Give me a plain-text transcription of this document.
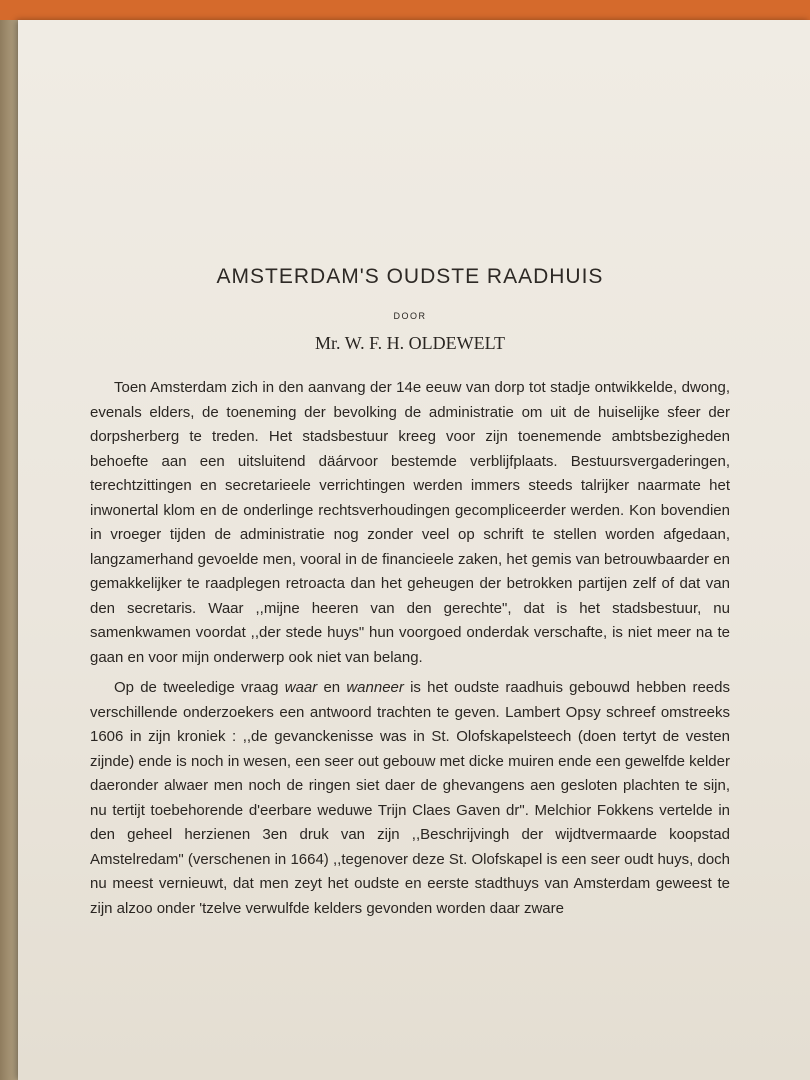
AMSTERDAM'S OUDSTE RAADHUIS
DOOR
Mr. W. F. H. OLDEWELT

Toen Amsterdam zich in den aanvang der 14e eeuw van dorp tot stadje ontwikkelde, dwong, evenals elders, de toeneming der bevolking de administratie om uit de huiselijke sfeer der dorpsherberg te treden. Het stadsbestuur kreeg voor zijn toenemende ambtsbezigheden behoefte aan een uitsluitend däárvoor bestemde verblijfplaats. Bestuursvergaderingen, terechtzittingen en secretarieele verrichtingen werden immers steeds talrijker naarmate het inwonertal klom en de onderlinge rechtsverhoudingen gecompliceerder werden. Kon bovendien in vroeger tijden de administratie nog zonder veel op schrift te stellen worden afgedaan, langzamerhand gevoelde men, vooral in de financieele zaken, het gemis van betrouwbaarder en gemakkelijker te raadplegen retroacta dan het geheugen der betrokken partijen zelf of dat van den secretaris. Waar ,,mijne heeren van den gerechte", dat is het stadsbestuur, nu samenkwamen voordat ,,der stede huys" hun voorgoed onderdak verschafte, is niet meer na te gaan en voor mijn onderwerp ook niet van belang.

Op de tweeledige vraag waar en wanneer is het oudste raadhuis gebouwd hebben reeds verschillende onderzoekers een antwoord trachten te geven. Lambert Opsy schreef omstreeks 1606 in zijn kroniek : ,,de gevanckenisse was in St. Olofskapelsteech (doen tertyt de vesten zijnde) ende is noch in wesen, een seer out gebouw met dicke muiren ende een gewelfde kelder daeronder alwaer men noch de ringen siet daer de ghevangens aen gesloten plachten te sijn, nu tertijt toebehorende d'eerbare weduwe Trijn Claes Gaven dr". Melchior Fokkens vertelde in den geheel herzienen 3en druk van zijn ,,Beschrijvingh der wijdtvermaarde koopstad Amstelredam" (verschenen in 1664) ,,tegenover deze St. Olofskapel is een seer oudt huys, doch nu meest vernieuwt, dat men zeyt het oudste en eerste stadthuys van Amsterdam geweest te zijn alzoo onder 'tzelve verwulfde kelders gevonden worden daar zware
